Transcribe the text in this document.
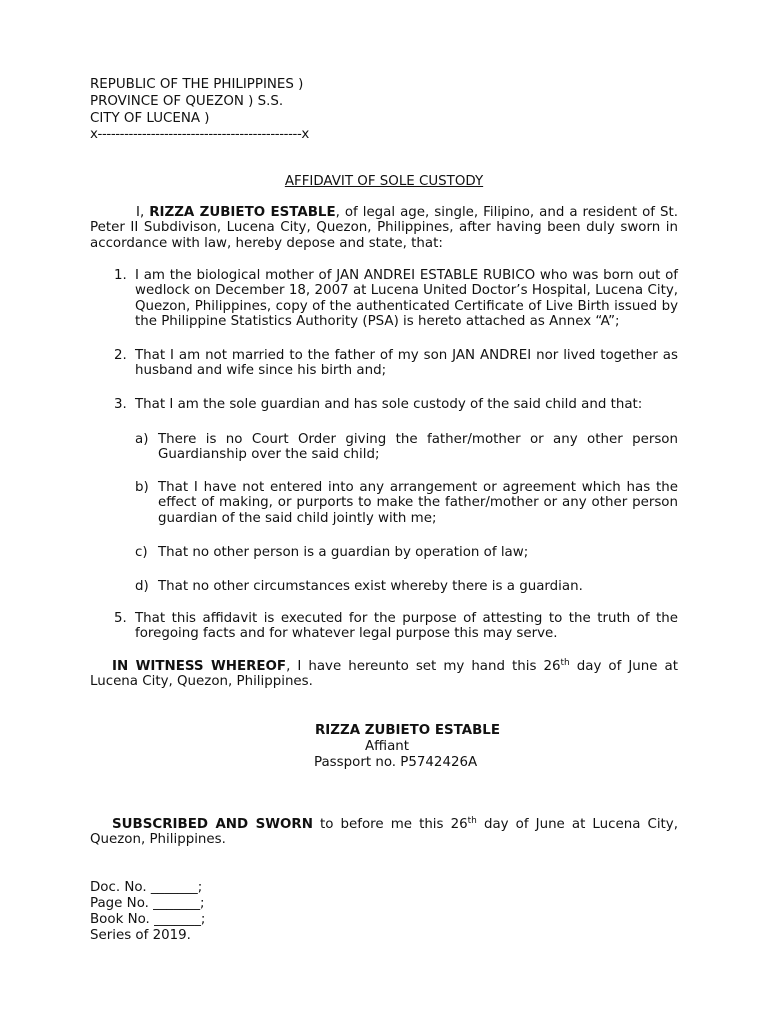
REPUBLIC OF THE PHILIPPINES )
PROVINCE OF QUEZON ) S.S.
CITY OF LUCENA )
x----------------------------------------------x
AFFIDAVIT OF SOLE CUSTODY
I, RIZZA ZUBIETO ESTABLE, of legal age, single, Filipino, and a resident of St. Peter II Subdivison, Lucena City, Quezon, Philippines, after having been duly sworn in accordance with law, hereby depose and state, that:
1. I am the biological mother of JAN ANDREI ESTABLE RUBICO who was born out of wedlock on December 18, 2007 at Lucena United Doctor’s Hospital, Lucena City, Quezon, Philippines, copy of the authenticated Certificate of Live Birth issued by the Philippine Statistics Authority (PSA) is hereto attached as Annex “A”;
2. That I am not married to the father of my son JAN ANDREI nor lived together as husband and wife since his birth and;
3. That I am the sole guardian and has sole custody of the said child and that:
a) There is no Court Order giving the father/mother or any other person Guardianship over the said child;
b) That I have not entered into any arrangement or agreement which has the effect of making, or purports to make the father/mother or any other person guardian of the said child jointly with me;
c) That no other person is a guardian by operation of law;
d) That no other circumstances exist whereby there is a guardian.
5. That this affidavit is executed for the purpose of attesting to the truth of the foregoing facts and for whatever legal purpose this may serve.
IN WITNESS WHEREOF, I have hereunto set my hand this 26th day of June at Lucena City, Quezon, Philippines.
RIZZA ZUBIETO ESTABLE
Affiant
Passport no. P5742426A
SUBSCRIBED AND SWORN to before me this 26th day of June at Lucena City, Quezon, Philippines.
Doc. No. _______;
Page No. _______;
Book No. _______;
Series of 2019.
